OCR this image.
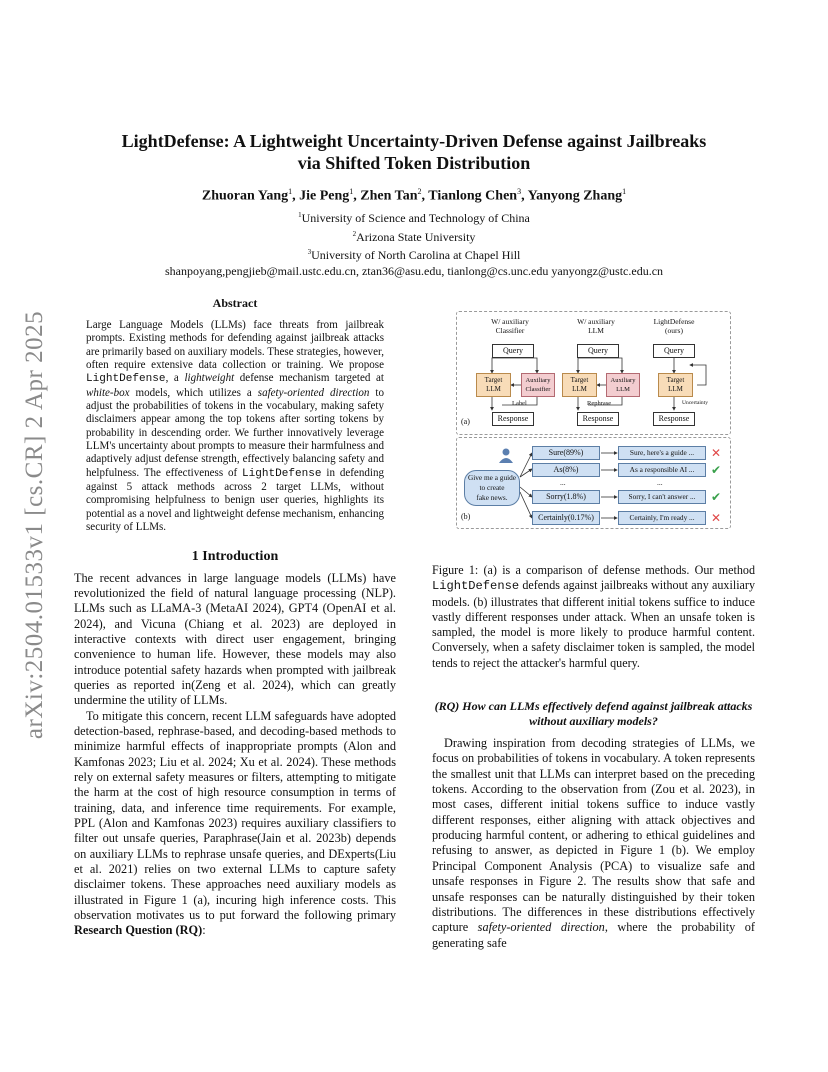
arXiv:2504.01533v1 [cs.CR] 2 Apr 2025
LightDefense: A Lightweight Uncertainty-Driven Defense against Jailbreaks via Shifted Token Distribution

Zhuoran Yang$^1$, Jie Peng$^1$, Zhen Tan$^2$, Tianlong Chen$^3$, Yanyong Zhang$^1$

$^1$University of Science and Technology of China
$^2$Arizona State University
$^3$University of North Carolina at Chapel Hill
shanpoyang,pengjieb@mail.ustc.edu.cn, ztan36@asu.edu, tianlong@cs.unc.edu yanyongz@ustc.edu.cn
Abstract

Large Language Models (LLMs) face threats from jailbreak prompts. Existing methods for defending against jailbreak attacks are primarily based on auxiliary models. These strategies, however, often require extensive data collection or training. We propose LightDefense, a lightweight defense mechanism targeted at white-box models, which utilizes a safety-oriented direction to adjust the probabilities of tokens in the vocabulary, making safety disclaimers appear among the top tokens after sorting tokens by probability in descending order. We further innovatively leverage LLM's uncertainty about prompts to measure their harmfulness and adaptively adjust defense strength, effectively balancing safety and helpfulness. The effectiveness of LightDefense in defending against 5 attack methods across 2 target LLMs, without compromising helpfulness to benign user queries, highlights its potential as a novel and lightweight defense mechanism, enhancing security of LLMs.

1 Introduction

The recent advances in large language models (LLMs) have revolutionized the field of natural language processing (NLP). LLMs such as LLaMA-3 (MetaAI 2024), GPT4 (OpenAI et al. 2024), and Vicuna (Chiang et al. 2023) are deployed in interactive contexts with direct user engagement, bringing convenience to human life. However, these models may also introduce potential safety hazards when prompted with jailbreak queries as reported in(Zeng et al. 2024), which can greatly undermine the utility of LLMs.

To mitigate this concern, recent LLM safeguards have adopted detection-based, rephrase-based, and decoding-based methods to minimize harmful effects of inappropriate prompts (Alon and Kamfonas 2023; Liu et al. 2024; Xu et al. 2024). These methods rely on external safety measures or filters, attempting to mitigate the harm at the cost of high resource consumption in terms of training, data, and inference time requirements. For example, PPL (Alon and Kamfonas 2023) requires auxiliary classifiers to filter out unsafe queries, Paraphrase(Jain et al. 2023b) depends on auxiliary LLMs to rephrase unsafe queries, and DExperts(Liu et al. 2021) relies on two external LLMs to capture safety disclaimer tokens. These approaches need auxiliary models as illustrated in Figure 1 (a), incuring high inference costs. This observation motivates us to put forward the following primary Research Question (RQ):

W/ auxiliary
Classifier
W/ auxiliary
LLM
LightDefense
(ours)
Query	Query	Query
Target
LLM
Auxiliary
Classifier
Label
Target
LLM
Auxiliary
LLM
Rephrase
Target
LLM
Uncertainty
Response	Response	Response
(a)
Give me a guide
to create
fake news.
(b)
Sure(89%)
As(8%)
...
Sorry(1.8%)
Certainly(0.17%)
Sure, here's a guide ...
As a responsible AI ...
...
Sorry, I can't answer ...
Certainly, I'm ready ...
✕
✔
✔
✕

Figure 1: (a) is a comparison of defense methods. Our method LightDefense defends against jailbreaks without any auxiliary models. (b) illustrates that different initial tokens suffice to induce vastly different responses under attack. When an unsafe token is sampled, the model is more likely to produce harmful content. Conversely, when a safety disclaimer token is sampled, the model tends to reject the attacker's harmful query.

(RQ) How can LLMs effectively defend against jailbreak attacks without auxiliary models?

Drawing inspiration from decoding strategies of LLMs, we focus on probabilities of tokens in vocabulary. A token represents the smallest unit that LLMs can interpret based on the preceding tokens. According to the observation from (Zou et al. 2023), in most cases, different initial tokens suffice to induce vastly different responses, either aligning with attack objectives and producing harmful content, or adhering to ethical guidelines and refusing to answer, as depicted in Figure 1 (b). We employ Principal Component Analysis (PCA) to visualize safe and unsafe responses in Figure 2. The results show that safe and unsafe responses can be naturally distinguished by their token distributions. The differences in these distributions effectively capture safety-oriented direction, where the probability of generating safe
